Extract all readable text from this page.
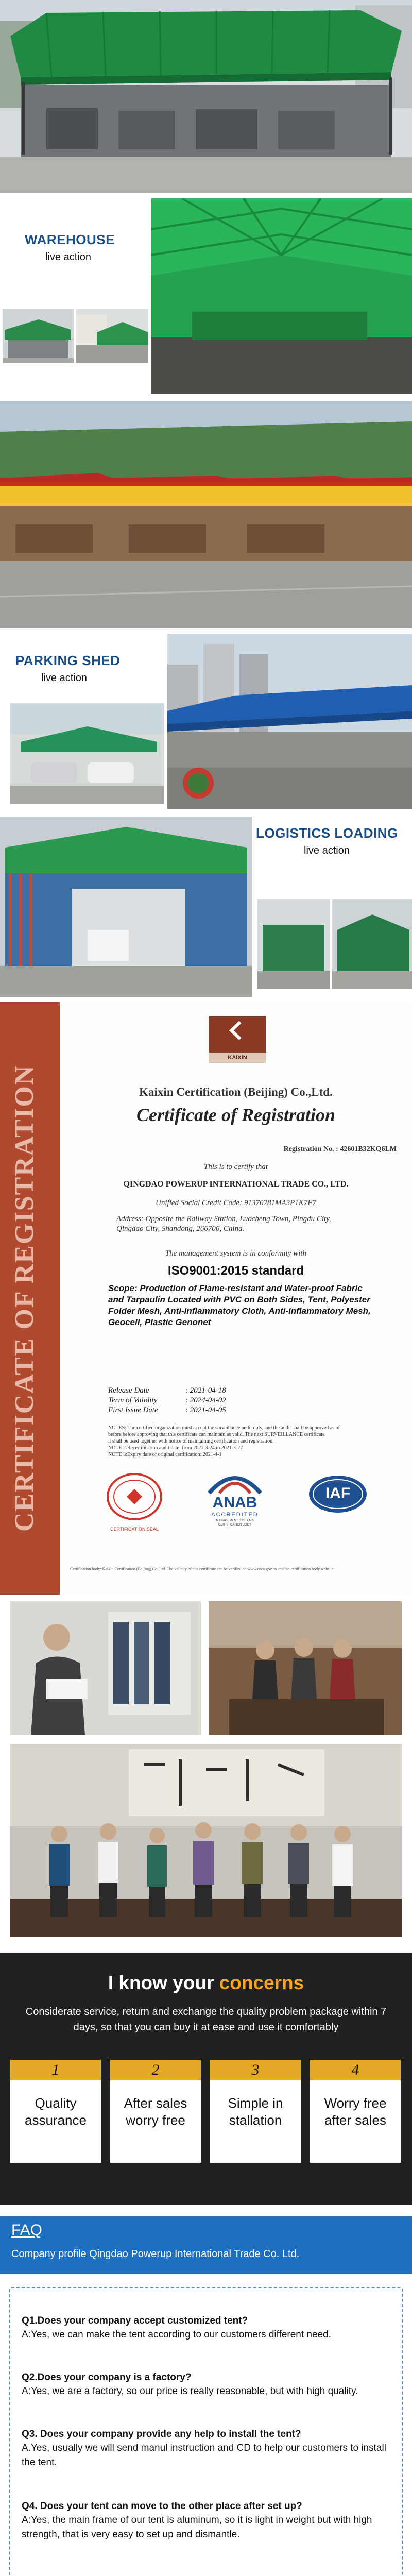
WAREHOUSE
live action
PARKING SHED
live action
LOGISTICS LOADING
live action
CERTIFICATE OF REGISTRATION
KAIXIN
Kaixin Certification (Beijing) Co.,Ltd.
Certificate of Registration
Registration No. : 42601B32KQ6LM
This is to certify that
QINGDAO POWERUP INTERNATIONAL TRADE CO., LTD.
Unified Social Credit Code: 91370281MA3P1K7F7
Address: Opposite the Railway Station, Luocheng Town, Pingdu City, Qingdao City, Shandong, 266706, China.
The management system is in conformity with
ISO9001:2015 standard
Scope: Production of Flame-resistant and Water-proof Fabric and Tarpaulin Located with PVC on Both Sides, Tent, Polyester Folder Mesh, Anti-inflammatory Cloth, Anti-inflammatory Mesh, Geocell, Plastic Genonet
Release Date	: 2021-04-18
Term of Validity	: 2024-04-02
First Issue Date	: 2021-04-05
NOTES: The certified organization must accept the surveillance audit duly, and the audit shall be approved as of
before before approving that this certificate can maintain as valid. The next SURVEILLANCE certificate
it shall be used together with notice of maintaining certification and registration.
NOTE 2:Recertification audit date: from 2021-3-24 to 2021-3-27
NOTE 3:Expiry date of original certification: 2021-4-1
CERTIFICATION SEAL
ANAB
ACCREDITED
MANAGEMENT SYSTEMS CERTIFICATION BODY
IAF
Certification body: Kaixin Certification (Beijing) Co.,Ltd. The validity of this certificate can be verified on www.cnca.gov.cn and the certification body website.
I know your concerns
Considerate service, return and exchange the quality problem package within 7 days, so that you can buy it at ease and use it comfortably
1
Quality assurance
2
After sales worry free
3
Simple in stallation
4
Worry free after sales
FAQ
Company profile Qingdao Powerup International Trade Co. Ltd.
Q1.Does your company accept customized tent?
A:Yes, we can make the tent according to our customers different need.
Q2.Does your company is a factory?
A:Yes, we are a factory, so our price is really reasonable, but with high quality.
Q3. Does your company provide any help to install the tent?
A.Yes, usually we will send manul instruction and CD to help our customers to install the tent.
Q4. Does your tent can move to the other place after set up?
A:Yes, the main frame of our tent is aluminum, so it is light in weight but with high strength, that is very easy to set up and dismantle.
